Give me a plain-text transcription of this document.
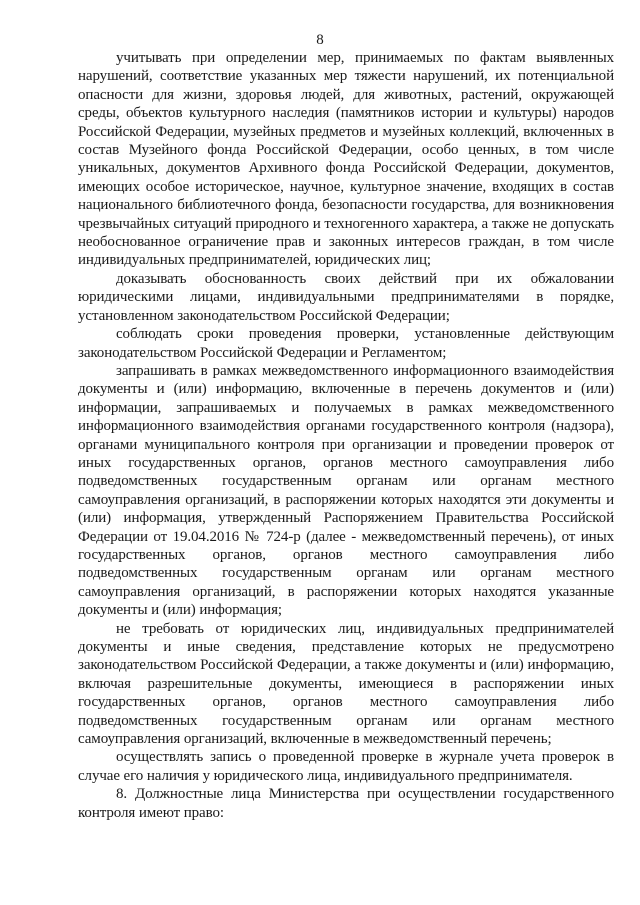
8

учитывать при определении мер, принимаемых по фактам выявленных нарушений, соответствие указанных мер тяжести нарушений, их потенциальной опасности для жизни, здоровья людей, для животных, растений, окружающей среды, объектов культурного наследия (памятников истории и культуры) народов Российской Федерации, музейных предметов и музейных коллекций, включенных в состав Музейного фонда Российской Федерации, особо ценных, в том числе уникальных, документов Архивного фонда Российской Федерации, документов, имеющих особое историческое, научное, культурное значение, входящих в состав национального библиотечного фонда, безопасности государства, для возникновения чрезвычайных ситуаций природного и техногенного характера, а также не допускать необоснованное ограничение прав и законных интересов граждан, в том числе индивидуальных предпринимателей, юридических лиц;

доказывать обоснованность своих действий при их обжаловании юридическими лицами, индивидуальными предпринимателями в порядке, установленном законодательством Российской Федерации;

соблюдать сроки проведения проверки, установленные действующим законодательством Российской Федерации и Регламентом;

запрашивать в рамках межведомственного информационного взаимодействия документы и (или) информацию, включенные в перечень документов и (или) информации, запрашиваемых и получаемых в рамках межведомственного информационного взаимодействия органами государственного контроля (надзора), органами муниципального контроля при организации и проведении проверок от иных государственных органов, органов местного самоуправления либо подведомственных государственным органам или органам местного самоуправления организаций, в распоряжении которых находятся эти документы и (или) информация, утвержденный Распоряжением Правительства Российской Федерации от 19.04.2016 № 724-р (далее - межведомственный перечень), от иных государственных органов, органов местного самоуправления либо подведомственных государственным органам или органам местного самоуправления организаций, в распоряжении которых находятся указанные документы и (или) информация;

не требовать от юридических лиц, индивидуальных предпринимателей документы и иные сведения, представление которых не предусмотрено законодательством Российской Федерации, а также документы и (или) информацию, включая разрешительные документы, имеющиеся в распоряжении иных государственных органов, органов местного самоуправления либо подведомственных государственным органам или органам местного самоуправления организаций, включенные в межведомственный перечень;

осуществлять запись о проведенной проверке в журнале учета проверок в случае его наличия у юридического лица, индивидуального предпринимателя.

8. Должностные лица Министерства при осуществлении государственного контроля имеют право:
